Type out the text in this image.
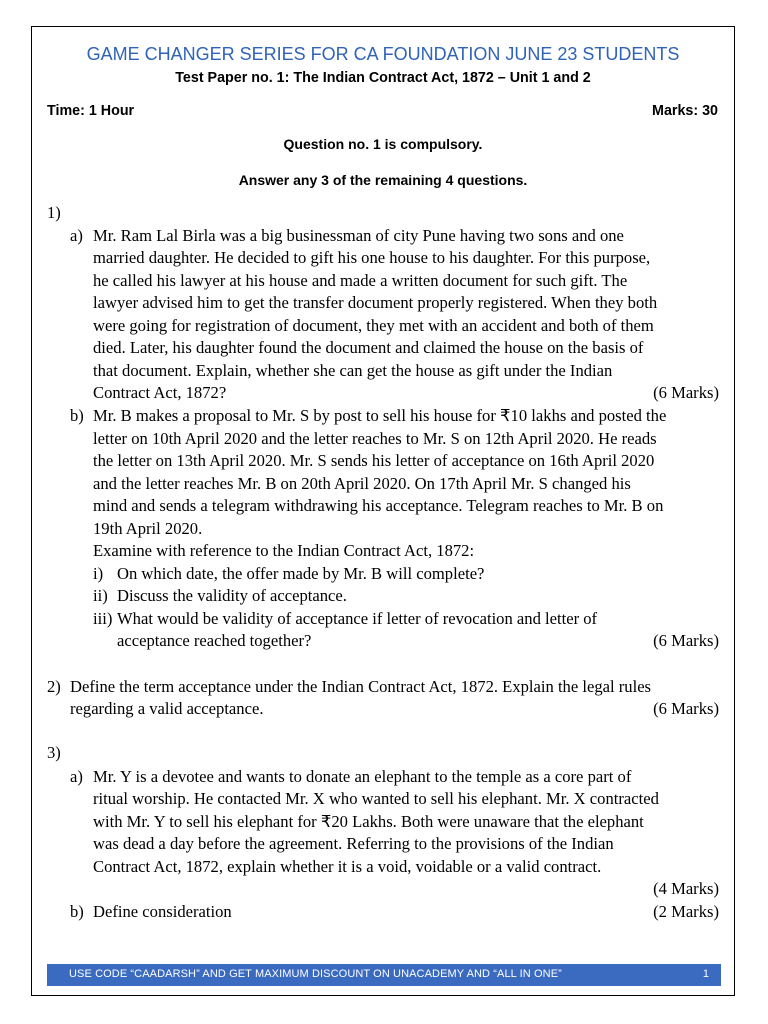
GAME CHANGER SERIES FOR CA FOUNDATION JUNE 23 STUDENTS
Test Paper no. 1: The Indian Contract Act, 1872 – Unit 1 and 2
Time: 1 Hour	Marks: 30
Question no. 1 is compulsory.
Answer any 3 of the remaining 4 questions.
1)
a) Mr. Ram Lal Birla was a big businessman of city Pune having two sons and one
married daughter. He decided to gift his one house to his daughter. For this purpose,
he called his lawyer at his house and made a written document for such gift. The
lawyer advised him to get the transfer document properly registered. When they both
were going for registration of document, they met with an accident and both of them
died. Later, his daughter found the document and claimed the house on the basis of
that document. Explain, whether she can get the house as gift under the Indian
Contract Act, 1872?	(6 Marks)
b) Mr. B makes a proposal to Mr. S by post to sell his house for ₹10 lakhs and posted the
letter on 10th April 2020 and the letter reaches to Mr. S on 12th April 2020. He reads
the letter on 13th April 2020. Mr. S sends his letter of acceptance on 16th April 2020
and the letter reaches Mr. B on 20th April 2020. On 17th April Mr. S changed his
mind and sends a telegram withdrawing his acceptance. Telegram reaches to Mr. B on
19th April 2020.
Examine with reference to the Indian Contract Act, 1872:
i) On which date, the offer made by Mr. B will complete?
ii) Discuss the validity of acceptance.
iii) What would be validity of acceptance if letter of revocation and letter of
acceptance reached together?	(6 Marks)
2) Define the term acceptance under the Indian Contract Act, 1872. Explain the legal rules
regarding a valid acceptance.	(6 Marks)
3)
a) Mr. Y is a devotee and wants to donate an elephant to the temple as a core part of
ritual worship. He contacted Mr. X who wanted to sell his elephant. Mr. X contracted
with Mr. Y to sell his elephant for ₹20 Lakhs. Both were unaware that the elephant
was dead a day before the agreement. Referring to the provisions of the Indian
Contract Act, 1872, explain whether it is a void, voidable or a valid contract.
(4 Marks)
b) Define consideration	(2 Marks)
USE CODE “CAADARSH” AND GET MAXIMUM DISCOUNT ON UNACADEMY AND “ALL IN ONE”	1
